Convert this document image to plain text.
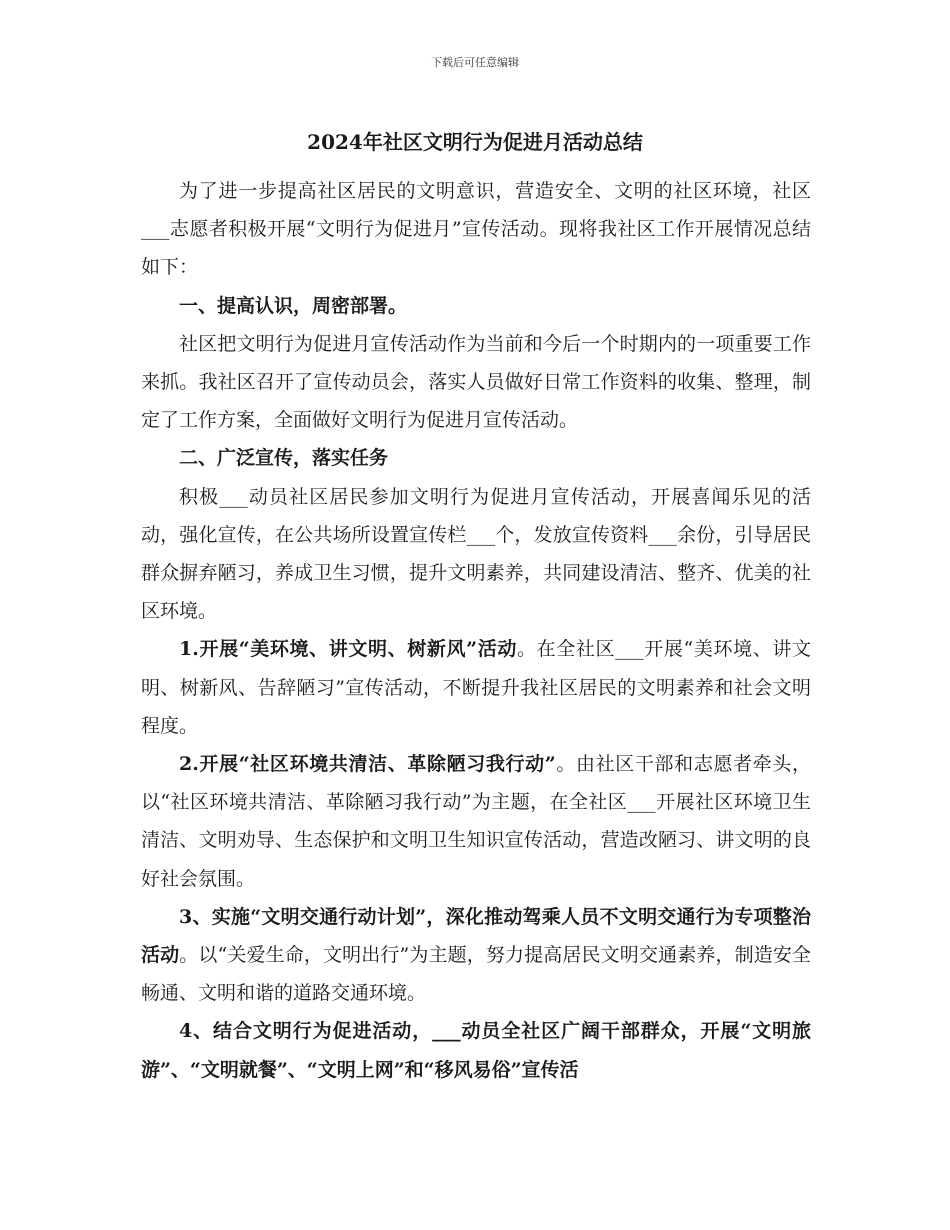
下载后可任意编辑
2024年社区文明行为促进月活动总结

为了进一步提高社区居民的文明意识，营造安全、文明的社区环境，社区___志愿者积极开展“文明行为促进月”宣传活动。现将我社区工作开展情况总结如下：

一、提高认识，周密部署。

社区把文明行为促进月宣传活动作为当前和今后一个时期内的一项重要工作来抓。我社区召开了宣传动员会，落实人员做好日常工作资料的收集、整理，制定了工作方案，全面做好文明行为促进月宣传活动。

二、广泛宣传，落实任务

积极___动员社区居民参加文明行为促进月宣传活动，开展喜闻乐见的活动，强化宣传，在公共场所设置宣传栏___个，发放宣传资料___余份，引导居民群众摒弃陋习，养成卫生习惯，提升文明素养，共同建设清洁、整齐、优美的社区环境。

1.开展“美环境、讲文明、树新风”活动。在全社区___开展“美环境、讲文明、树新风、告辞陋习”宣传活动，不断提升我社区居民的文明素养和社会文明程度。

2.开展“社区环境共清洁、革除陋习我行动”。由社区干部和志愿者牵头，以“社区环境共清洁、革除陋习我行动”为主题，在全社区___开展社区环境卫生清洁、文明劝导、生态保护和文明卫生知识宣传活动，营造改陋习、讲文明的良好社会氛围。

3、实施“文明交通行动计划”，深化推动驾乘人员不文明交通行为专项整治活动。以“关爱生命，文明出行”为主题，努力提高居民文明交通素养，制造安全畅通、文明和谐的道路交通环境。

4、结合文明行为促进活动，___动员全社区广阔干部群众，开展“文明旅游”、“文明就餐”、“文明上网”和“移风易俗”宣传活
